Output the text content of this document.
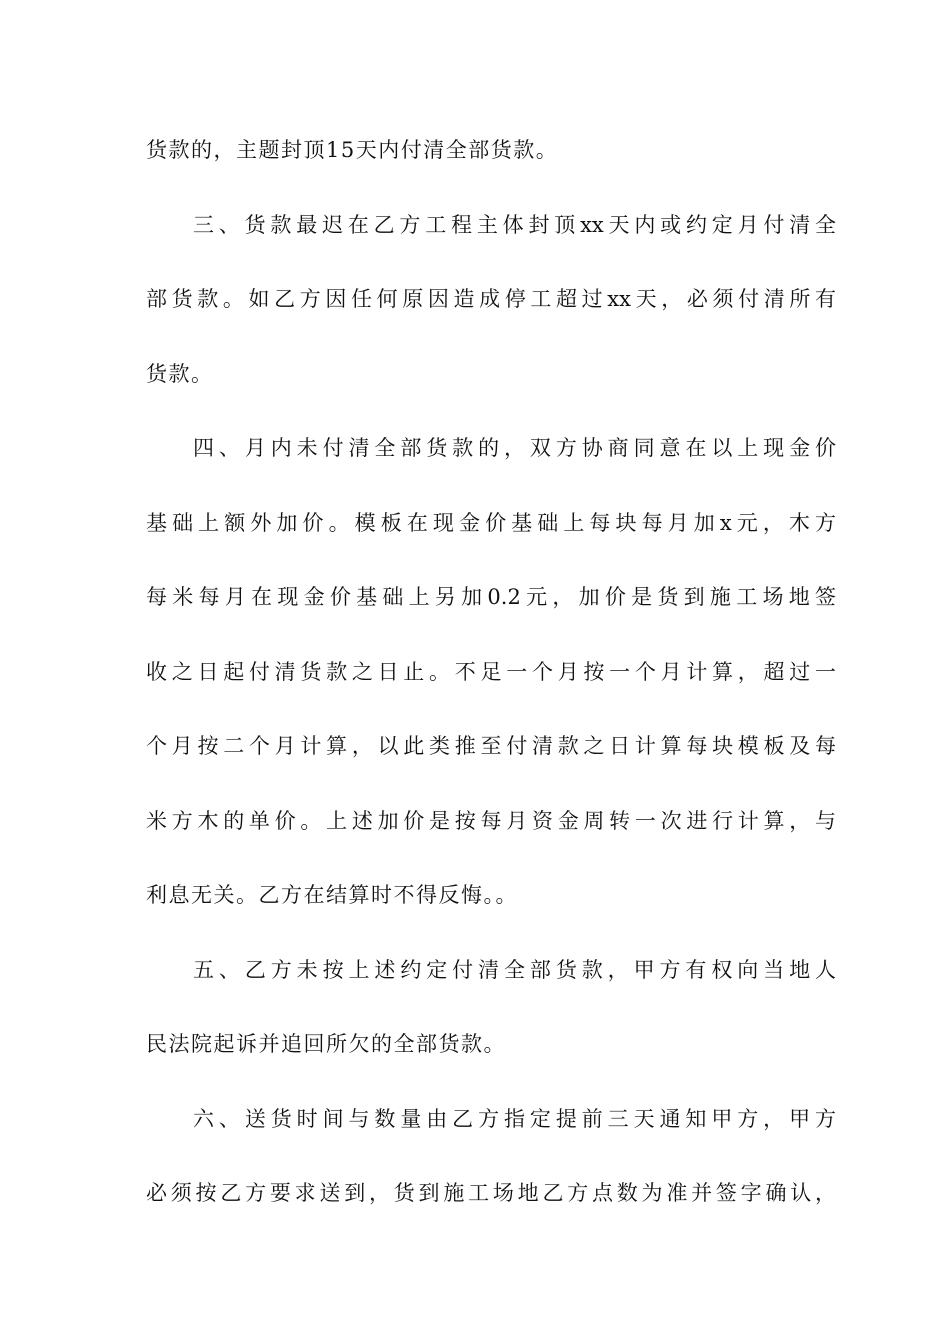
货款的，主题封顶15天内付清全部货款。
三、货款最迟在乙方工程主体封顶xx天内或约定月付清全
部货款。如乙方因任何原因造成停工超过xx天，必须付清所有
货款。
四、月内未付清全部货款的，双方协商同意在以上现金价
基础上额外加价。模板在现金价基础上每块每月加x元，木方
每米每月在现金价基础上另加0.2元，加价是货到施工场地签
收之日起付清货款之日止。不足一个月按一个月计算，超过一
个月按二个月计算，以此类推至付清款之日计算每块模板及每
米方木的单价。上述加价是按每月资金周转一次进行计算，与
利息无关。乙方在结算时不得反悔。。
五、乙方未按上述约定付清全部货款，甲方有权向当地人
民法院起诉并追回所欠的全部货款。
六、送货时间与数量由乙方指定提前三天通知甲方，甲方
必须按乙方要求送到，货到施工场地乙方点数为准并签字确认，
